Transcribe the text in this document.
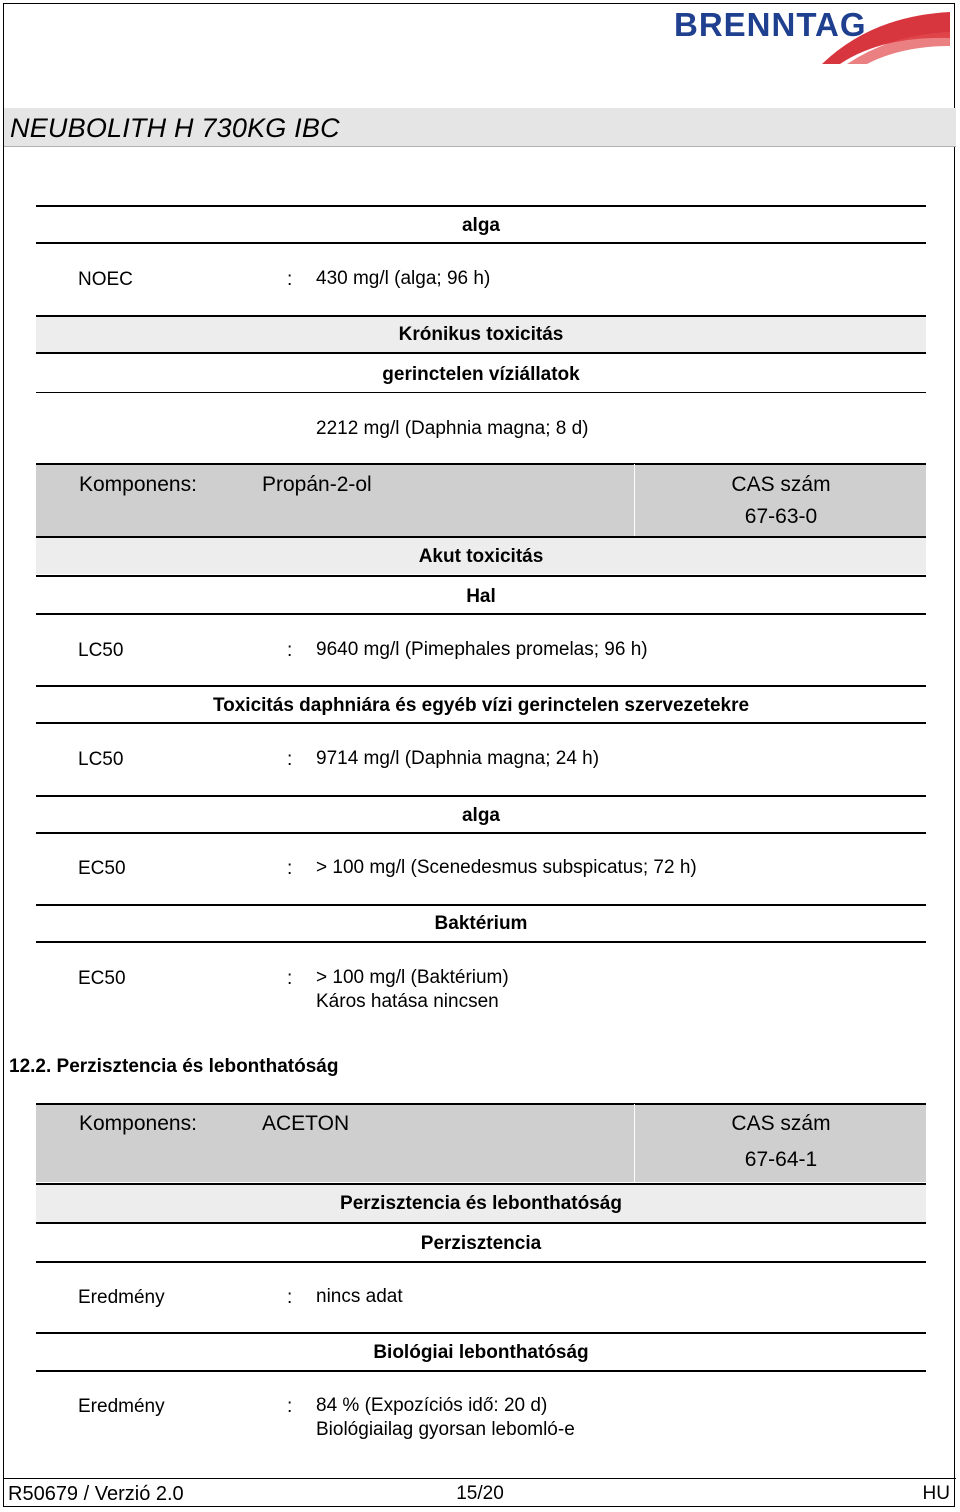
BRENNTAG
NEUBOLITH H 730KG IBC
alga
NOEC	: 430 mg/l (alga; 96 h)
Krónikus toxicitás
gerinctelen víziállatok
2212 mg/l (Daphnia magna; 8 d)
Komponens:	Propán-2-ol	CAS szám
67-63-0
Akut toxicitás
Hal
LC50	: 9640 mg/l (Pimephales promelas; 96 h)
Toxicitás daphniára és egyéb vízi gerinctelen szervezetekre
LC50	: 9714 mg/l (Daphnia magna; 24 h)
alga
EC50	: > 100 mg/l (Scenedesmus subspicatus; 72 h)
Baktérium
EC50	: > 100 mg/l (Baktérium)
Káros hatása nincsen
12.2. Perzisztencia és lebonthatóság
Komponens:	ACETON	CAS szám
67-64-1
Perzisztencia és lebonthatóság
Perzisztencia
Eredmény	: nincs adat
Biológiai lebonthatóság
Eredmény	: 84 % (Expozíciós idő: 20 d)
Biológiailag gyorsan lebomló-e
R50679 / Verzió 2.0	15/20	HU
